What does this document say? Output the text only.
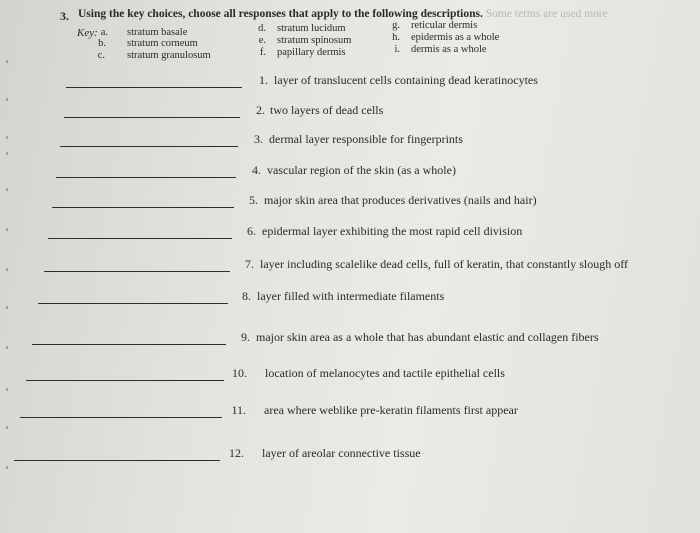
3. Using the key choices, choose all responses that apply to the following descriptions. Some terms are used more
Key: a. stratum basale
b. stratum corneum
c. stratum granulosum
d. stratum lucidum
e. stratum spinosum
f. papillary dermis
g. reticular dermis
h. epidermis as a whole
i. dermis as a whole
1. layer of translucent cells containing dead keratinocytes
2. two layers of dead cells
3. dermal layer responsible for fingerprints
4. vascular region of the skin (as a whole)
5. major skin area that produces derivatives (nails and hair)
6. epidermal layer exhibiting the most rapid cell division
7. layer including scalelike dead cells, full of keratin, that constantly slough off
8. layer filled with intermediate filaments
9. major skin area as a whole that has abundant elastic and collagen fibers
10. location of melanocytes and tactile epithelial cells
11. area where weblike pre-keratin filaments first appear
12. layer of areolar connective tissue
